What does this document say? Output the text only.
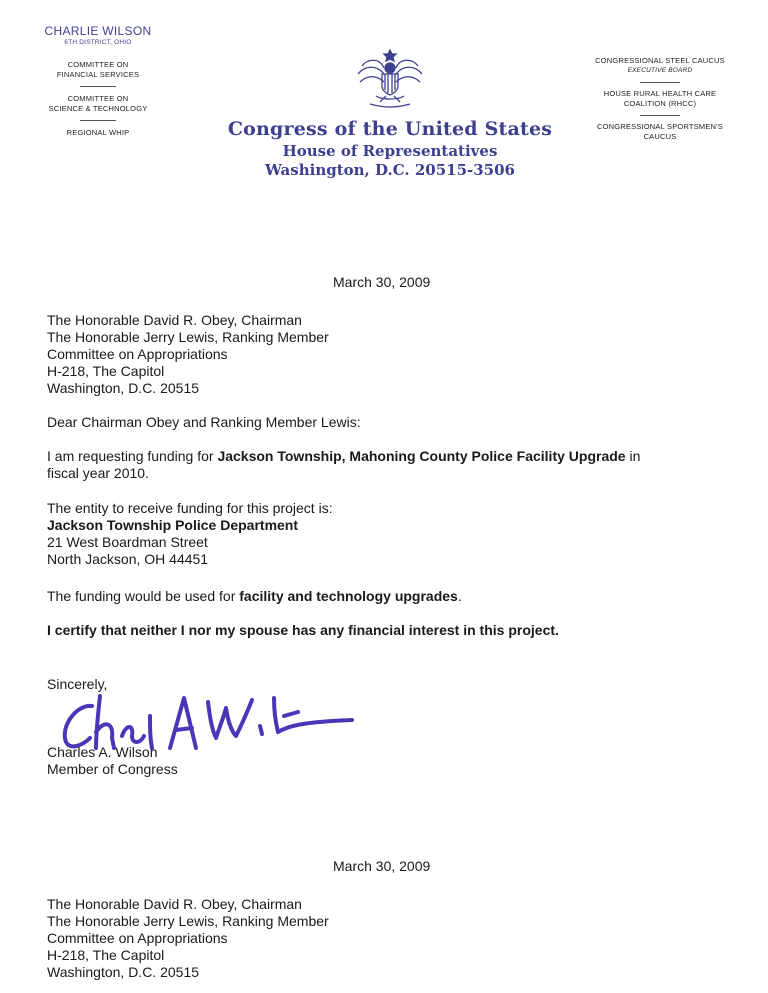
CHARLIE WILSON
6TH DISTRICT, OHIO
COMMITTEE ON
FINANCIAL SERVICES
COMMITTEE ON
SCIENCE & TECHNOLOGY
REGIONAL WHIP	Congress of the United States
House of Representatives
Washington, D.C. 20515-3506
CONGRESSIONAL STEEL CAUCUS
EXECUTIVE BOARD
HOUSE RURAL HEALTH CARE
COALITION (RHCC)
CONGRESSIONAL SPORTSMEN'S
CAUCUS
March 30, 2009
The Honorable David R. Obey, Chairman
The Honorable Jerry Lewis, Ranking Member
Committee on Appropriations
H-218, The Capitol
Washington, D.C. 20515
Dear Chairman Obey and Ranking Member Lewis:
I am requesting funding for Jackson Township, Mahoning County Police Facility Upgrade in
fiscal year 2010.
The entity to receive funding for this project is:
Jackson Township Police Department
21 West Boardman Street
North Jackson, OH 44451
The funding would be used for facility and technology upgrades.
I certify that neither I nor my spouse has any financial interest in this project.
Sincerely,
Charles A. Wilson
Member of Congress
March 30, 2009
The Honorable David R. Obey, Chairman
The Honorable Jerry Lewis, Ranking Member
Committee on Appropriations
H-218, The Capitol
Washington, D.C. 20515
